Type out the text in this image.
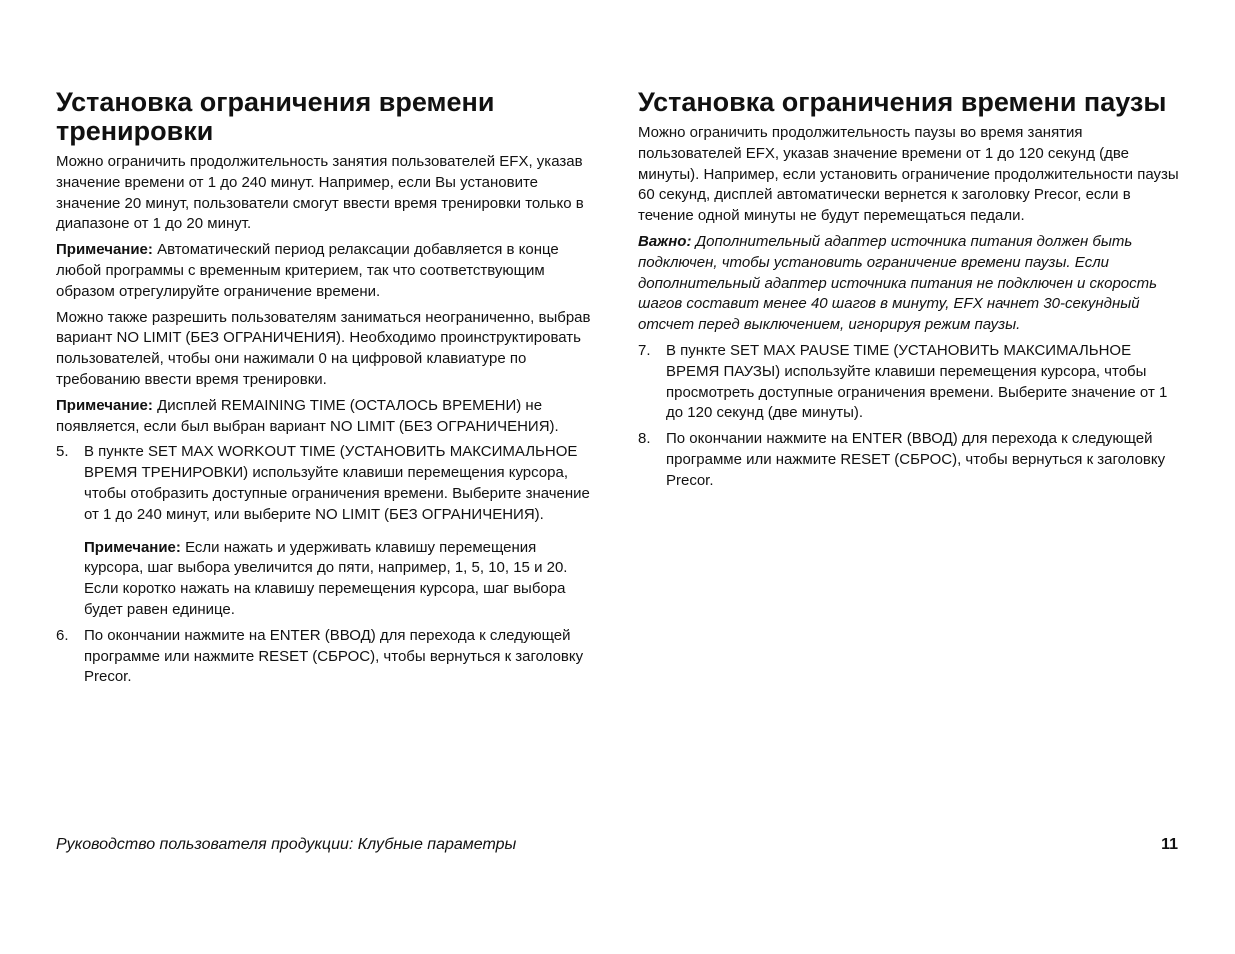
Установка ограничения времени тренировки

Можно ограничить продолжительность занятия пользователей EFX, указав значение времени от 1 до 240 минут. Например, если Вы установите значение 20 минут, пользователи смогут ввести время тренировки только в диапазоне от 1 до 20 минут.

Примечание: Автоматический период релаксации добавляется в конце любой программы с временным критерием, так что соответствующим образом отрегулируйте ограничение времени.

Можно также разрешить пользователям заниматься неограниченно, выбрав вариант NO LIMIT (БЕЗ ОГРАНИЧЕНИЯ). Необходимо проинструктировать пользователей, чтобы они нажимали 0 на цифровой клавиатуре по требованию ввести время тренировки.

Примечание: Дисплей REMAINING TIME (ОСТАЛОСЬ ВРЕМЕНИ) не появляется, если был выбран вариант NO LIMIT (БЕЗ ОГРАНИЧЕНИЯ).

5. В пункте SET MAX WORKOUT TIME (УСТАНОВИТЬ МАКСИМАЛЬНОЕ ВРЕМЯ ТРЕНИРОВКИ) используйте клавиши перемещения курсора, чтобы отобразить доступные ограничения времени. Выберите значение от 1 до 240 минут, или выберите NO LIMIT (БЕЗ ОГРАНИЧЕНИЯ).

Примечание: Если нажать и удерживать клавишу перемещения курсора, шаг выбора увеличится до пяти, например, 1, 5, 10, 15 и 20. Если коротко нажать на клавишу перемещения курсора, шаг выбора будет равен единице.

6. По окончании нажмите на ENTER (ВВОД) для перехода к следующей программе или нажмите RESET (СБРОС), чтобы вернуться к заголовку Precor.

Установка ограничения времени паузы

Можно ограничить продолжительность паузы во время занятия пользователей EFX, указав значение времени от 1 до 120 секунд (две минуты). Например, если установить ограничение продолжительности паузы 60 секунд, дисплей автоматически вернется к заголовку Precor, если в течение одной минуты не будут перемещаться педали.

Важно: Дополнительный адаптер источника питания должен быть подключен, чтобы установить ограничение времени паузы. Если дополнительный адаптер источника питания не подключен и скорость шагов составит менее 40 шагов в минуту, EFX начнет 30-секундный отсчет перед выключением, игнорируя режим паузы.

7. В пункте SET MAX PAUSE TIME (УСТАНОВИТЬ МАКСИМАЛЬНОЕ ВРЕМЯ ПАУЗЫ) используйте клавиши перемещения курсора, чтобы просмотреть доступные ограничения времени. Выберите значение от 1 до 120 секунд (две минуты).

8. По окончании нажмите на ENTER (ВВОД) для перехода к следующей программе или нажмите RESET (СБРОС), чтобы вернуться к заголовку Precor.

Руководство пользователя продукции: Клубные параметры	11
